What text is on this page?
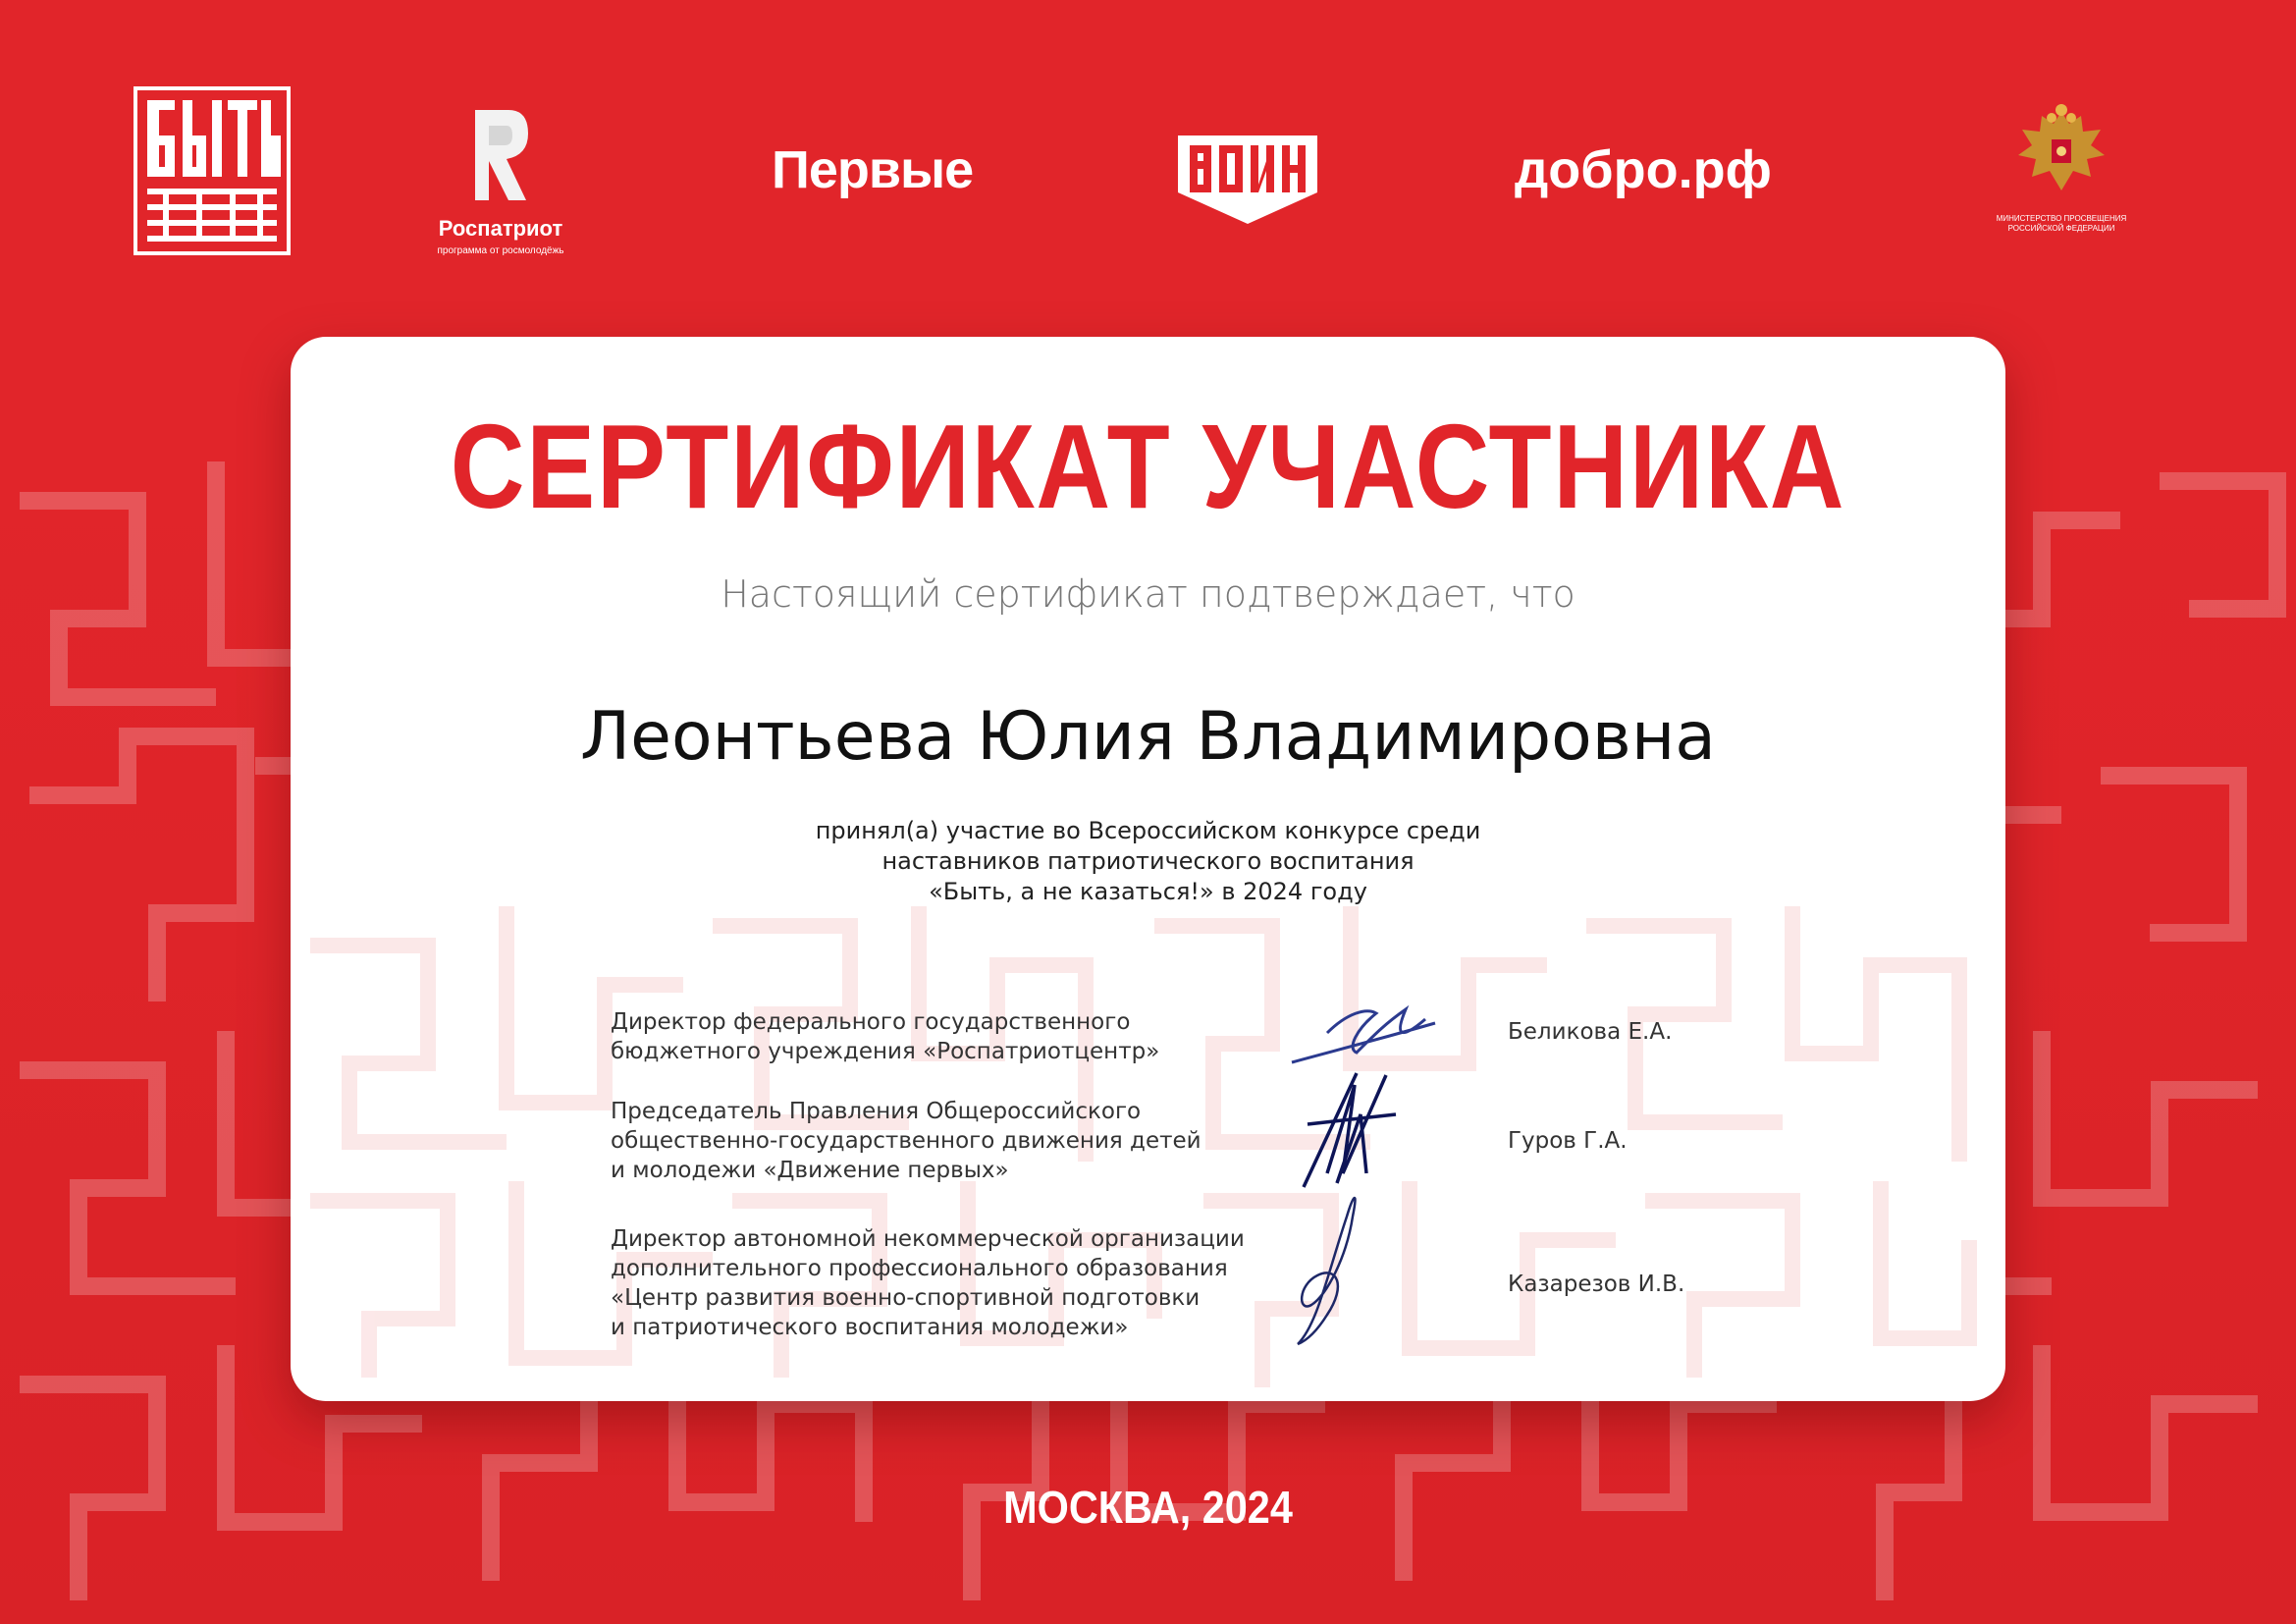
Роспатриот
программа от росмолодёжь
Первые	добро.рф
МИНИСТЕРСТВО ПРОСВЕЩЕНИЯ
РОССИЙСКОЙ ФЕДЕРАЦИИ
СЕРТИФИКАТ УЧАСТНИКА
Настоящий сертификат подтверждает, что
Леонтьева Юлия Владимировна
принял(а) участие во Всероссийском конкурсе среди
наставников патриотического воспитания
«Быть, а не казаться!» в 2024 году
Директор федерального государственного
бюджетного учреждения «Роспатриотцентр»
Беликова Е.А.
Председатель Правления Общероссийского
общественно-государственного движения детей
и молодежи «Движение первых»
Гуров Г.А.
Директор автономной некоммерческой организации
дополнительного профессионального образования
«Центр развития военно-спортивной подготовки
и патриотического воспитания молодежи»
Казарезов И.В.
МОСКВА, 2024
